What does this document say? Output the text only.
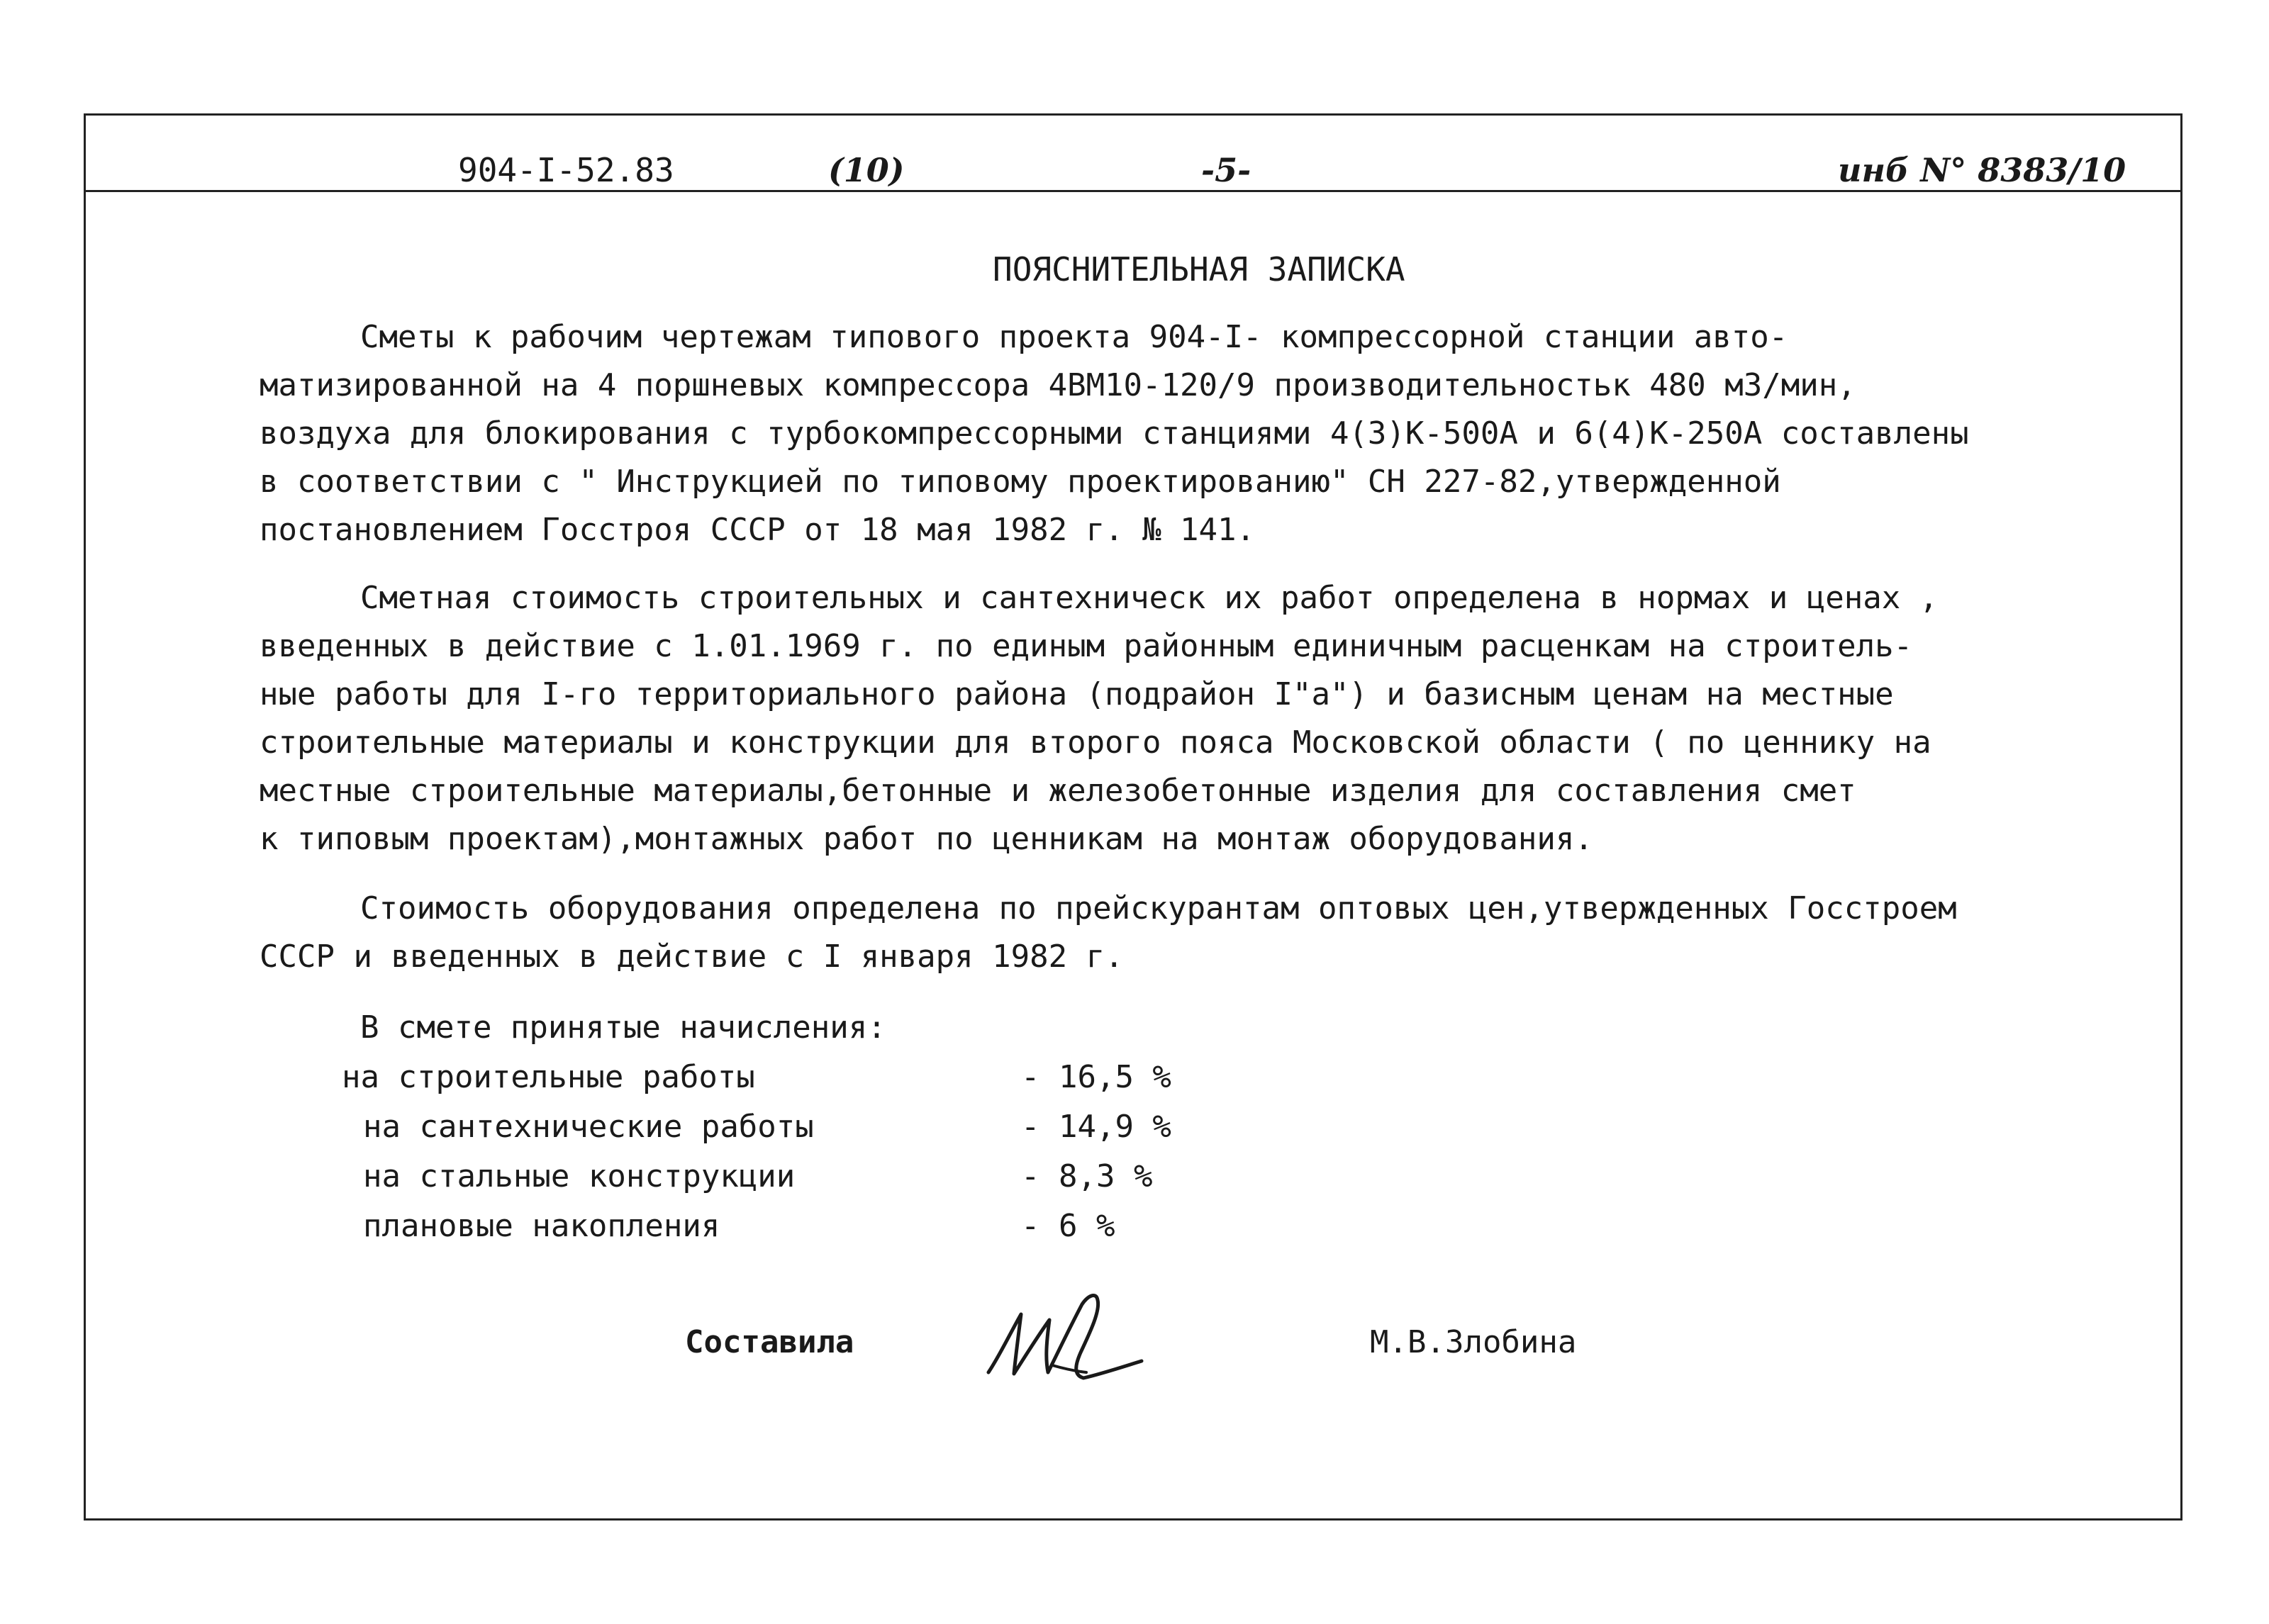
904-I-52.83	(10)	-5-	инб N° 8383/10
ПОЯСНИТЕЛЬНАЯ ЗАПИСКА
Сметы к рабочим чертежам типового проекта 904-I- компрессорной станции авто-
матизированной на 4 поршневых компрессора 4ВМ10-120/9 производительностьк 480 м3/мин,
воздуха для блокирования с турбокомпрессорными станциями 4(3)К-500А и 6(4)К-250А составлены
в соответствии с " Инструкцией по типовому проектированию" СН 227-82,утвержденной
постановлением Госстроя СССР от 18 мая 1982 г. № 141.
Сметная стоимость строительных и сантехническ их работ определена в нормах и ценах ,
введенных в действие с 1.01.1969 г. по единым районным единичным расценкам на строитель-
ные работы для I-го территориального района (подрайон I"а") и базисным ценам на местные
строительные материалы и конструкции для второго пояса Московской области ( по ценнику на
местные строительные материалы,бетонные и железобетонные изделия для составления смет
к типовым проектам),монтажных работ по ценникам на монтаж оборудования.
Стоимость оборудования определена по прейскурантам оптовых цен,утвержденных Госстроем
СССР и введенных в действие с I января 1982 г.
В смете принятые начисления:
на строительные работы	- 16,5 %
на сантехнические работы	- 14,9 %
на стальные конструкции	- 8,3 %
плановые накопления	- 6 %
Составила	М.В.Злобина
